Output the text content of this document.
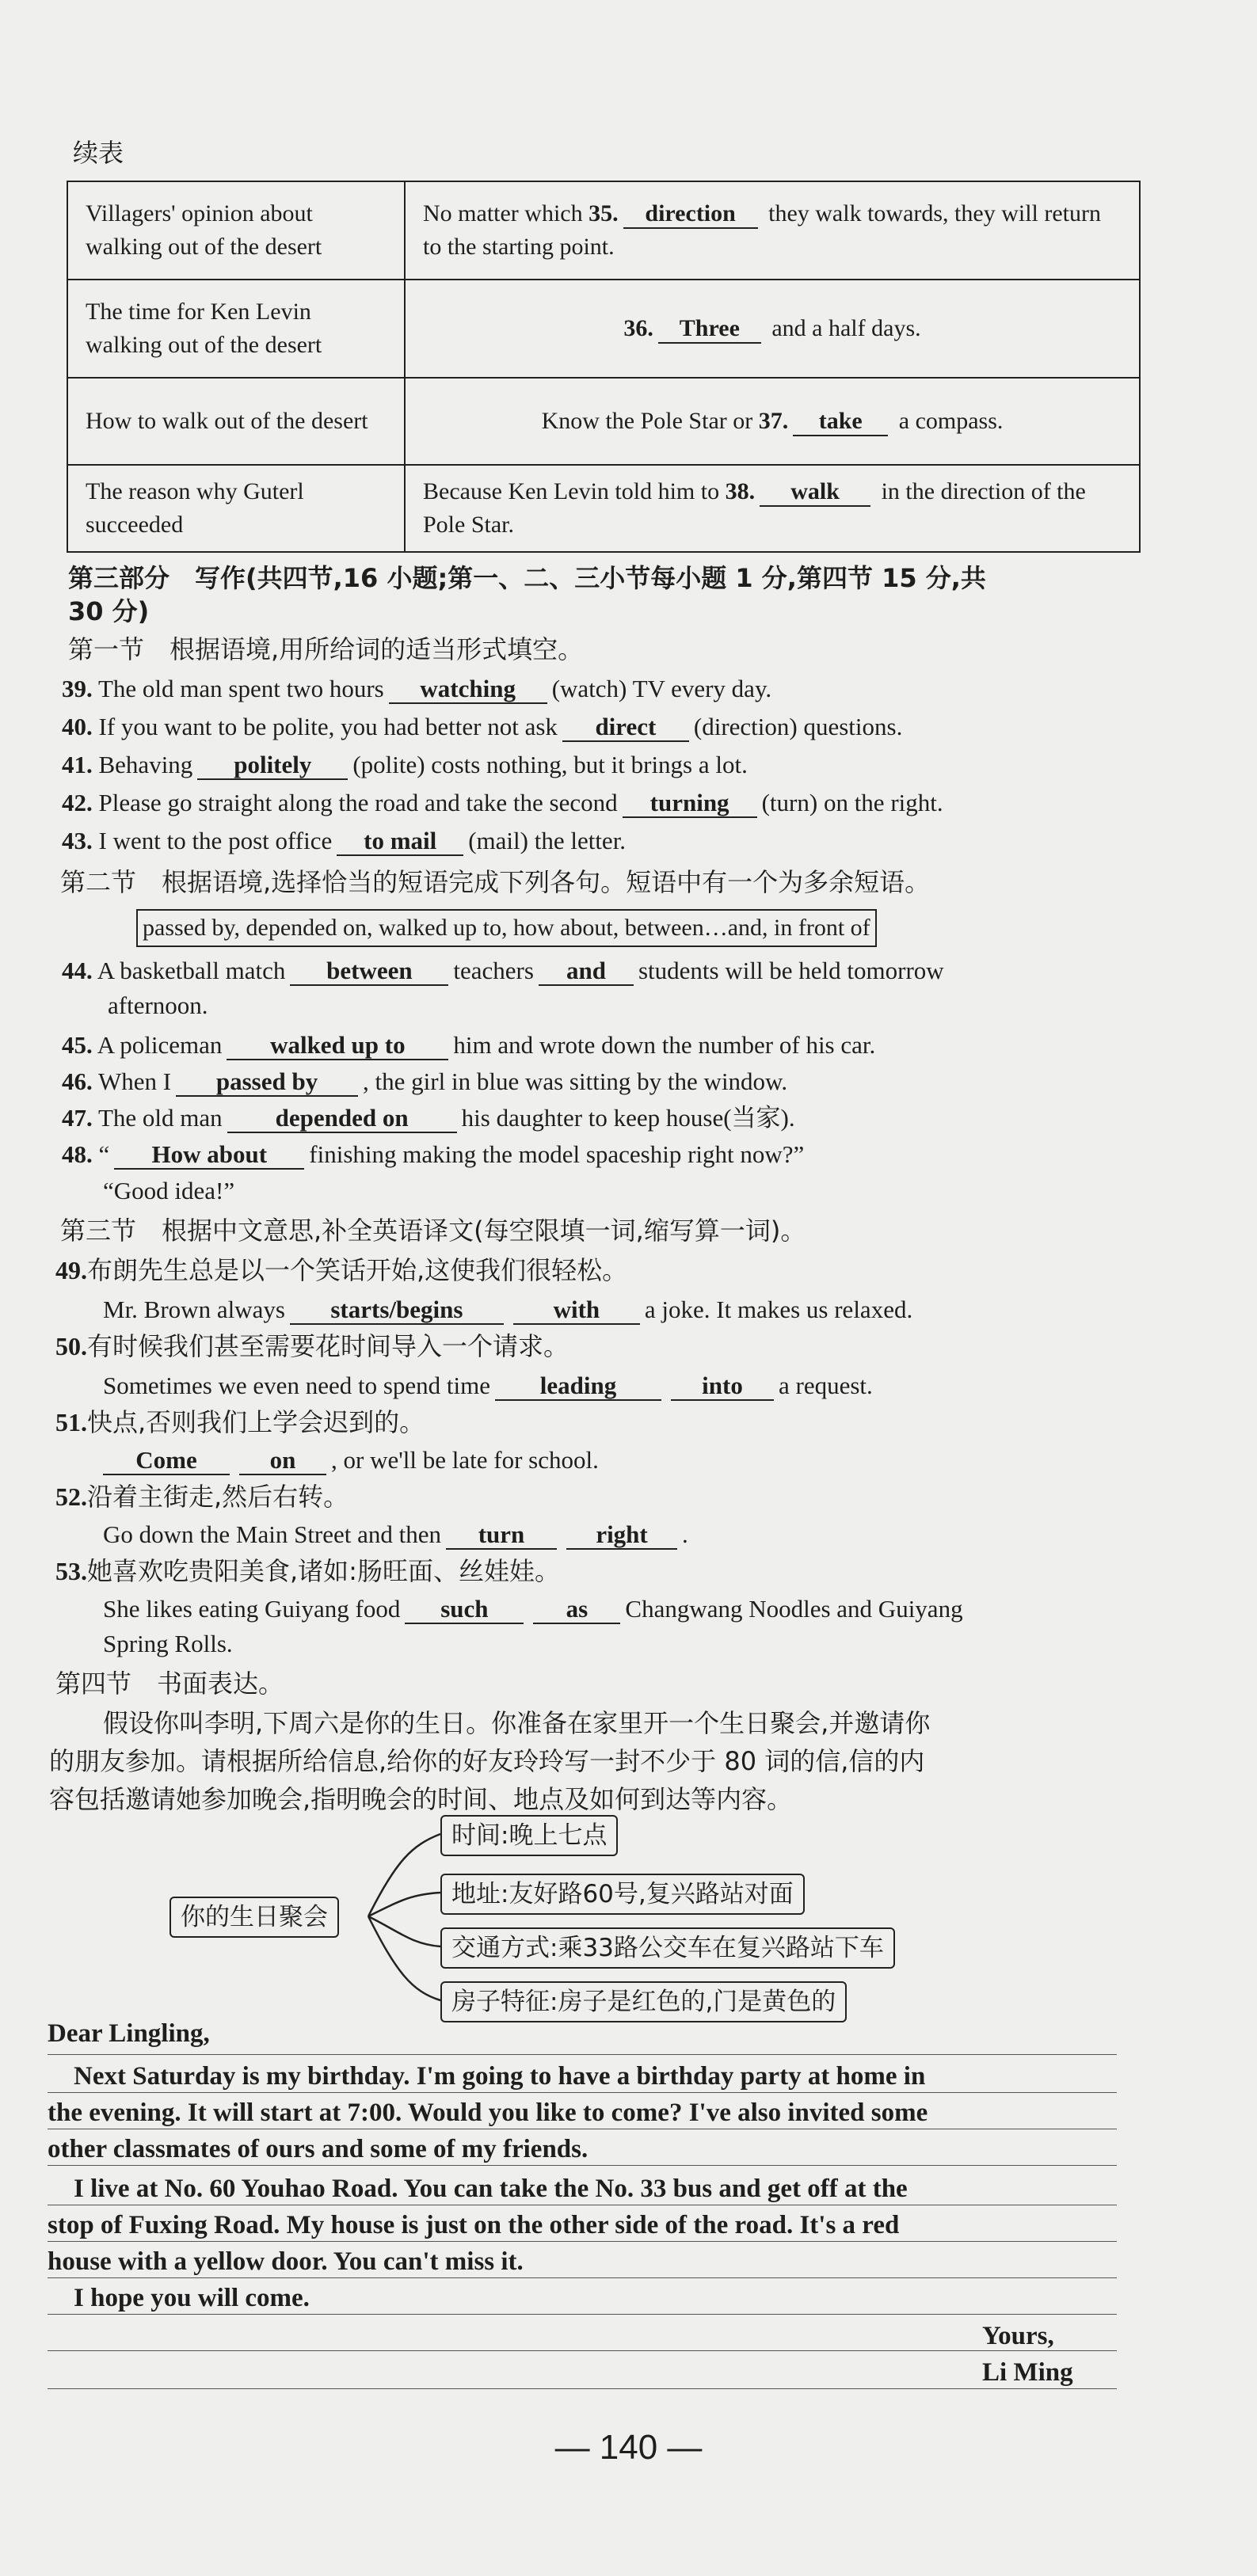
续表
Villagers' opinion about walking out of the desert	No matter which 35. direction they walk towards, they will return to the starting point.
The time for Ken Levin walking out of the desert	36. Three and a half days.
How to walk out of the desert	Know the Pole Star or 37. take a compass.
The reason why Guterl succeeded	Because Ken Levin told him to 38. walk in the direction of the Pole Star.
第三部分　写作(共四节,16 小题;第一、二、三小节每小题 1 分,第四节 15 分,共
30 分)
第一节　根据语境,用所给词的适当形式填空。
39. The old man spent two hours watching (watch) TV every day.
40. If you want to be polite, you had better not ask direct (direction) questions.
41. Behaving politely (polite) costs nothing, but it brings a lot.
42. Please go straight along the road and take the second turning (turn) on the right.
43. I went to the post office to mail (mail) the letter.
第二节　根据语境,选择恰当的短语完成下列各句。短语中有一个为多余短语。
passed by, depended on, walked up to, how about, between…and, in front of
44. A basketball match between teachers and students will be held tomorrow
afternoon.
45. A policeman walked up to him and wrote down the number of his car.
46. When I passed by , the girl in blue was sitting by the window.
47. The old man depended on his daughter to keep house(当家).
48. “ How about finishing making the model spaceship right now?”
“Good idea!”
第三节　根据中文意思,补全英语译文(每空限填一词,缩写算一词)。
49.布朗先生总是以一个笑话开始,这使我们很轻松。
Mr. Brown always starts/begins	with a joke. It makes us relaxed.
50.有时候我们甚至需要花时间导入一个请求。
Sometimes we even need to spend time leading	into a request.
51.快点,否则我们上学会迟到的。
Come	on , or we'll be late for school.
52.沿着主街走,然后右转。
Go down the Main Street and then turn	right .
53.她喜欢吃贵阳美食,诸如:肠旺面、丝娃娃。
She likes eating Guiyang food such	as Changwang Noodles and Guiyang
Spring Rolls.
第四节　书面表达。
假设你叫李明,下周六是你的生日。你准备在家里开一个生日聚会,并邀请你
的朋友参加。请根据所给信息,给你的好友玲玲写一封不少于 80 词的信,信的内
容包括邀请她参加晚会,指明晚会的时间、地点及如何到达等内容。
你的生日聚会
时间:晚上七点
地址:友好路60号,复兴路站对面
交通方式:乘33路公交车在复兴路站下车
房子特征:房子是红色的,门是黄色的
Dear Lingling,
Next Saturday is my birthday. I'm going to have a birthday party at home in
the evening. It will start at 7:00. Would you like to come? I've also invited some
other classmates of ours and some of my friends.
I live at No. 60 Youhao Road. You can take the No. 33 bus and get off at the
stop of Fuxing Road. My house is just on the other side of the road. It's a red
house with a yellow door. You can't miss it.
I hope you will come.
Yours,
Li Ming
— 140 —
